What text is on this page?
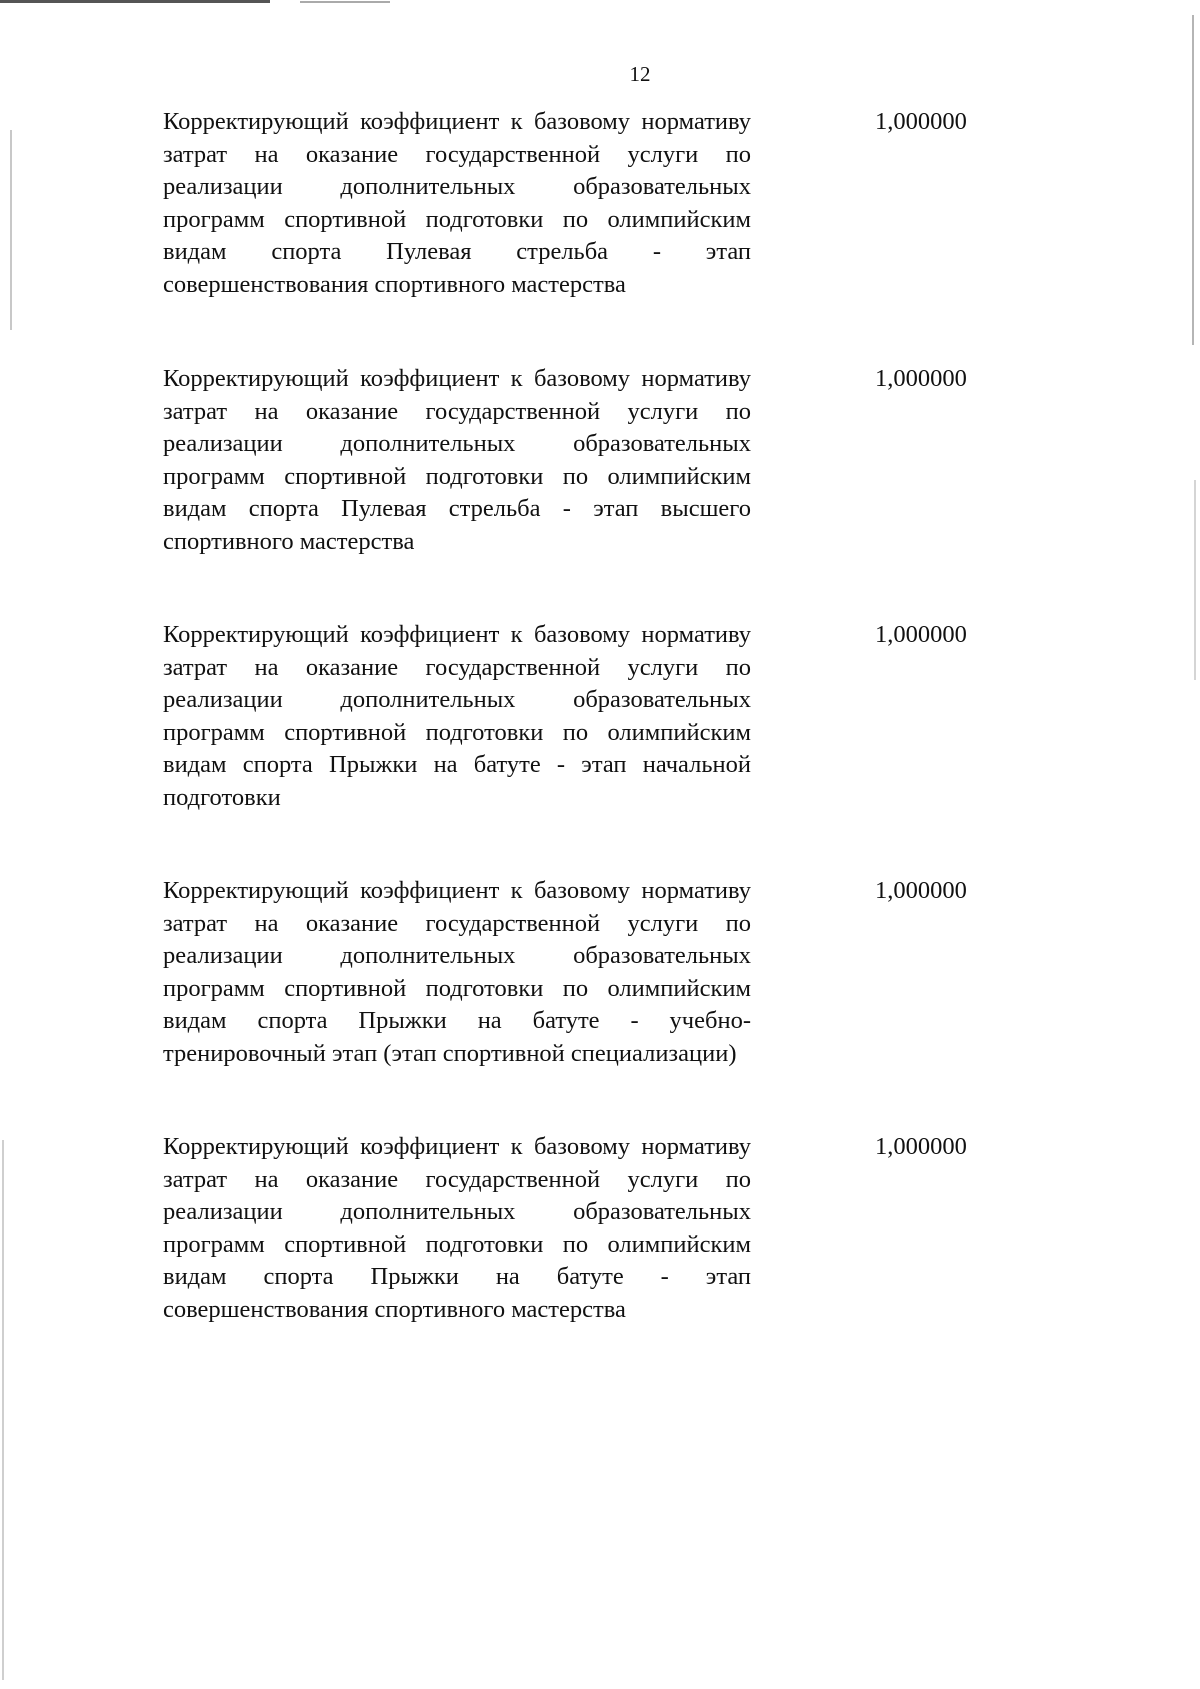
12
Корректирующий коэффициент к базовому нормативу затрат на оказание государственной услуги по реализации дополнительных образовательных программ спортивной подготовки по олимпийским видам спорта Пулевая стрельба - этап совершенствования спортивного мастерства
1,000000
Корректирующий коэффициент к базовому нормативу затрат на оказание государственной услуги по реализации дополнительных образовательных программ спортивной подготовки по олимпийским видам спорта Пулевая стрельба - этап высшего спортивного мастерства
1,000000
Корректирующий коэффициент к базовому нормативу затрат на оказание государственной услуги по реализации дополнительных образовательных программ спортивной подготовки по олимпийским видам спорта Прыжки на батуте - этап начальной подготовки
1,000000
Корректирующий коэффициент к базовому нормативу затрат на оказание государственной услуги по реализации дополнительных образовательных программ спортивной подготовки по олимпийским видам спорта Прыжки на батуте - учебно-тренировочный этап (этап спортивной специализации)
1,000000
Корректирующий коэффициент к базовому нормативу затрат на оказание государственной услуги по реализации дополнительных образовательных программ спортивной подготовки по олимпийским видам спорта Прыжки на батуте - этап совершенствования спортивного мастерства
1,000000
